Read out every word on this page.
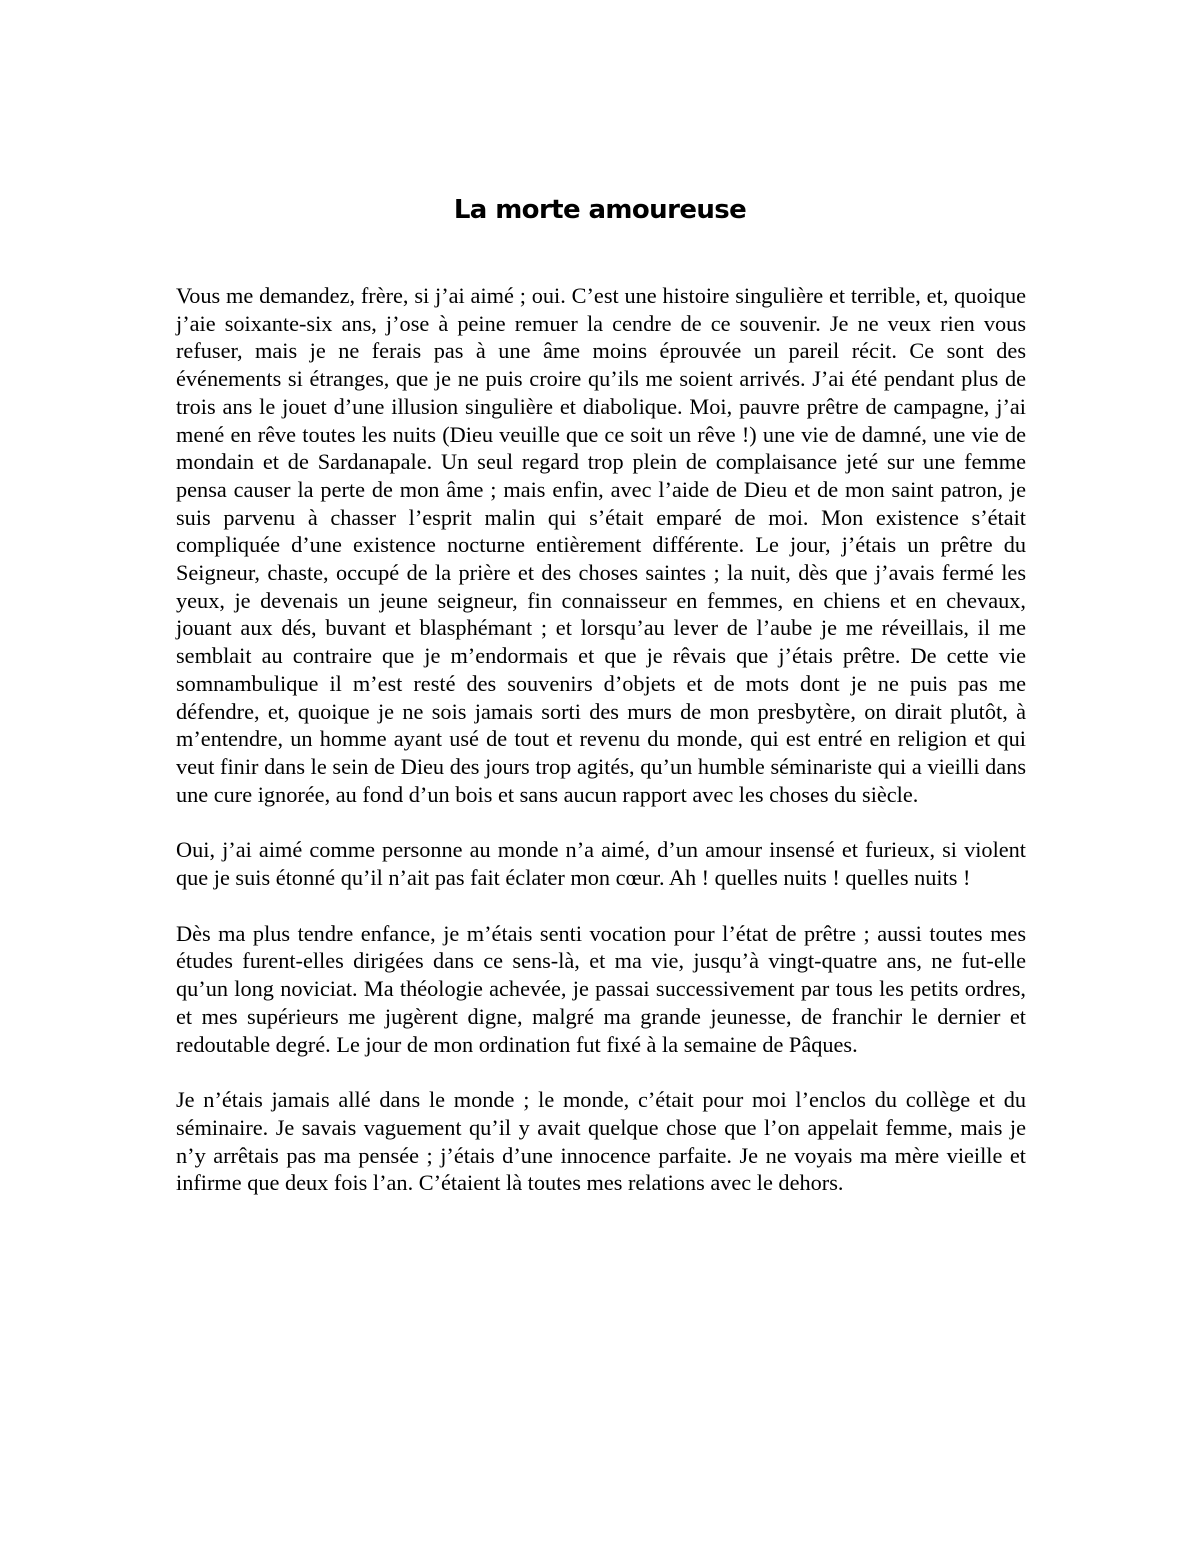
La morte amoureuse

Vous me demandez, frère, si j’ai aimé ; oui. C’est une histoire singulière et terrible, et, quoique j’aie soixante-six ans, j’ose à peine remuer la cendre de ce souvenir. Je ne veux rien vous refuser, mais je ne ferais pas à une âme moins éprouvée un pareil récit. Ce sont des événements si étranges, que je ne puis croire qu’ils me soient arrivés. J’ai été pendant plus de trois ans le jouet d’une illusion singulière et diabolique. Moi, pauvre prêtre de campagne, j’ai mené en rêve toutes les nuits (Dieu veuille que ce soit un rêve !) une vie de damné, une vie de mondain et de Sardanapale. Un seul regard trop plein de complaisance jeté sur une femme pensa causer la perte de mon âme ; mais enfin, avec l’aide de Dieu et de mon saint patron, je suis parvenu à chasser l’esprit malin qui s’était emparé de moi. Mon existence s’était compliquée d’une existence nocturne entièrement différente. Le jour, j’étais un prêtre du Seigneur, chaste, occupé de la prière et des choses saintes ; la nuit, dès que j’avais fermé les yeux, je devenais un jeune seigneur, fin connaisseur en femmes, en chiens et en chevaux, jouant aux dés, buvant et blasphémant ; et lorsqu’au lever de l’aube je me réveillais, il me semblait au contraire que je m’endormais et que je rêvais que j’étais prêtre. De cette vie somnambulique il m’est resté des souvenirs d’objets et de mots dont je ne puis pas me défendre, et, quoique je ne sois jamais sorti des murs de mon presbytère, on dirait plutôt, à m’entendre, un homme ayant usé de tout et revenu du monde, qui est entré en religion et qui veut finir dans le sein de Dieu des jours trop agités, qu’un humble séminariste qui a vieilli dans une cure ignorée, au fond d’un bois et sans aucun rapport avec les choses du siècle.

Oui, j’ai aimé comme personne au monde n’a aimé, d’un amour insensé et furieux, si violent que je suis étonné qu’il n’ait pas fait éclater mon cœur. Ah ! quelles nuits ! quelles nuits !

Dès ma plus tendre enfance, je m’étais senti vocation pour l’état de prêtre ; aussi toutes mes études furent-elles dirigées dans ce sens-là, et ma vie, jusqu’à vingt-quatre ans, ne fut-elle qu’un long noviciat. Ma théologie achevée, je passai successivement par tous les petits ordres, et mes supérieurs me jugèrent digne, malgré ma grande jeunesse, de franchir le dernier et redoutable degré. Le jour de mon ordination fut fixé à la semaine de Pâques.

Je n’étais jamais allé dans le monde ; le monde, c’était pour moi l’enclos du collège et du séminaire. Je savais vaguement qu’il y avait quelque chose que l’on appelait femme, mais je n’y arrêtais pas ma pensée ; j’étais d’une innocence parfaite. Je ne voyais ma mère vieille et infirme que deux fois l’an. C’étaient là toutes mes relations avec le dehors.
